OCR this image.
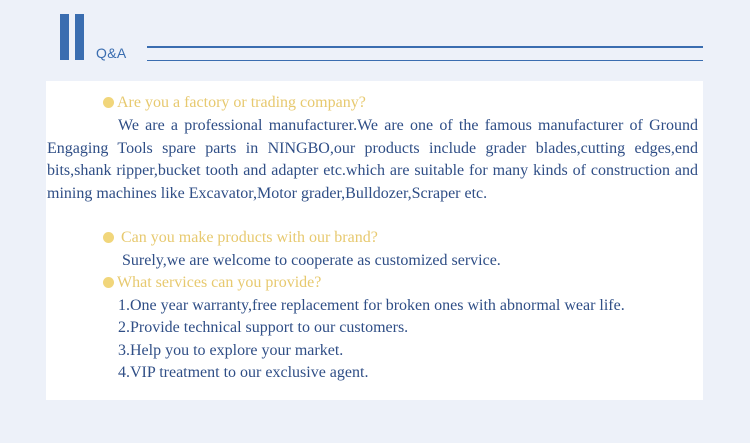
Q&A
Are you a factory or trading company?
We are a professional manufacturer.We are one of the famous manufacturer of Ground Engaging Tools spare parts in NINGBO,our products include grader blades,cutting edges,end bits,shank ripper,bucket tooth and adapter etc.which are suitable for many kinds of construction and mining machines like Excavator,Motor grader,Bulldozer,Scraper etc.
Can you make products with our brand?
Surely,we are welcome to cooperate as customized service.
What services can you provide?
1.One year warranty,free replacement for broken ones with abnormal wear life.
2.Provide technical support to our customers.
3.Help you to explore your market.
4.VIP treatment to our exclusive agent.
